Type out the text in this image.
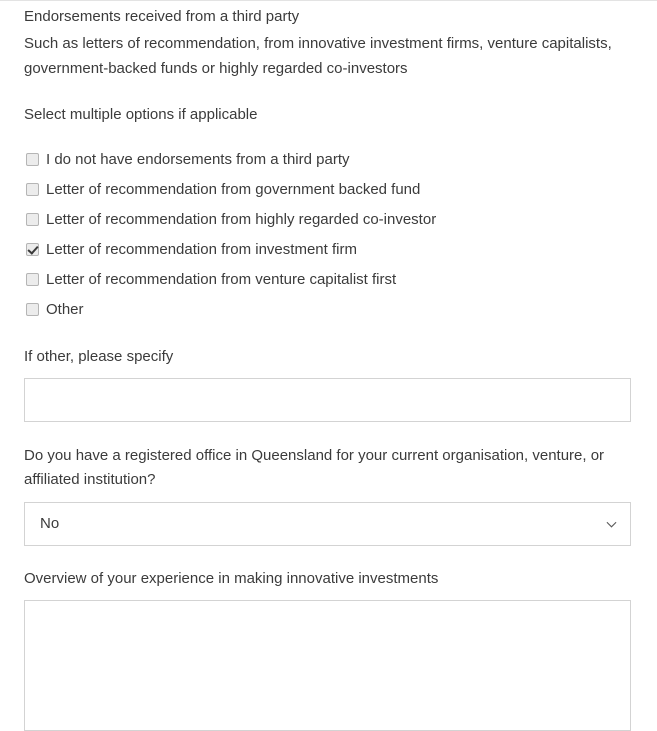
Endorsements received from a third party
Such as letters of recommendation, from innovative investment firms, venture capitalists, government-backed funds or highly regarded co-investors
Select multiple options if applicable
I do not have endorsements from a third party
Letter of recommendation from government backed fund
Letter of recommendation from highly regarded co-investor
Letter of recommendation from investment firm
Letter of recommendation from venture capitalist first
Other
If other, please specify
Do you have a registered office in Queensland for your current organisation, venture, or affiliated institution?
No
Overview of your experience in making innovative investments
